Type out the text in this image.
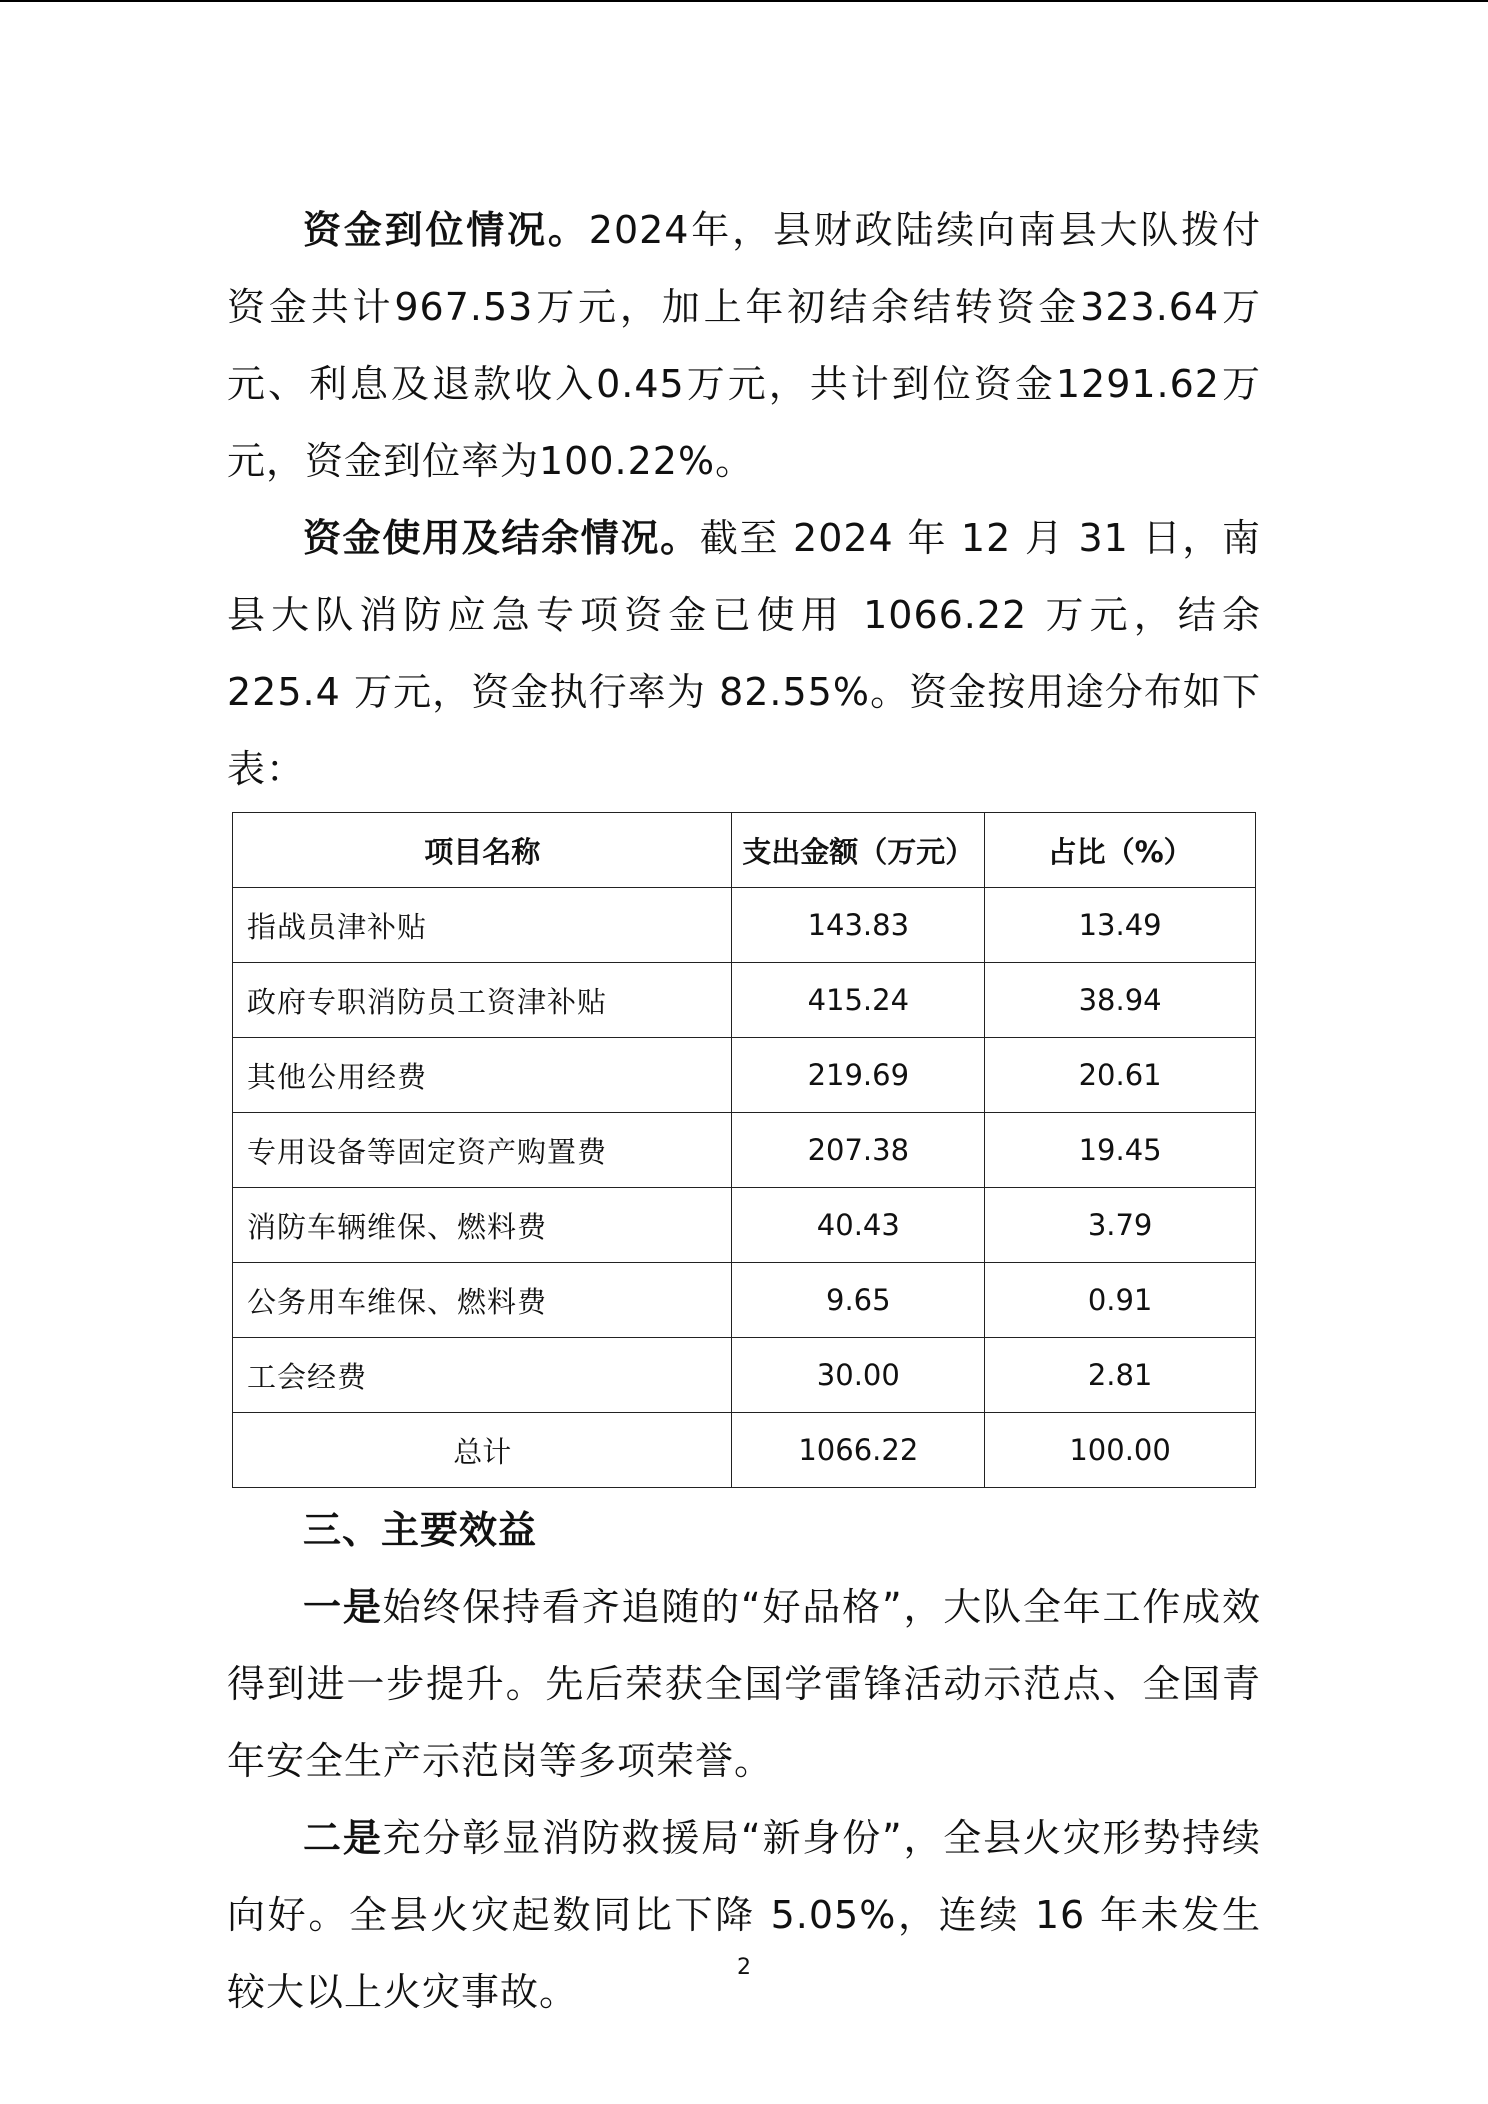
资金到位情况。2024年，县财政陆续向南县大队拨付资金共计967.53万元，加上年初结余结转资金323.64万元、利息及退款收入0.45万元，共计到位资金1291.62万元，资金到位率为100.22%。

资金使用及结余情况。截至 2024 年 12 月 31 日，南县大队消防应急专项资金已使用 1066.22 万元，结余 225.4 万元，资金执行率为 82.55%。资金按用途分布如下表：

项目名称	支出金额（万元）	占比（%）
指战员津补贴	143.83	13.49
政府专职消防员工资津补贴	415.24	38.94
其他公用经费	219.69	20.61
专用设备等固定资产购置费	207.38	19.45
消防车辆维保、燃料费	40.43	3.79
公务用车维保、燃料费	9.65	0.91
工会经费	30.00	2.81
总计	1066.22	100.00

三、主要效益

一是始终保持看齐追随的“好品格”，大队全年工作成效得到进一步提升。先后荣获全国学雷锋活动示范点、全国青年安全生产示范岗等多项荣誉。

二是充分彰显消防救援局“新身份”，全县火灾形势持续向好。全县火灾起数同比下降 5.05%，连续 16 年未发生较大以上火灾事故。

2
